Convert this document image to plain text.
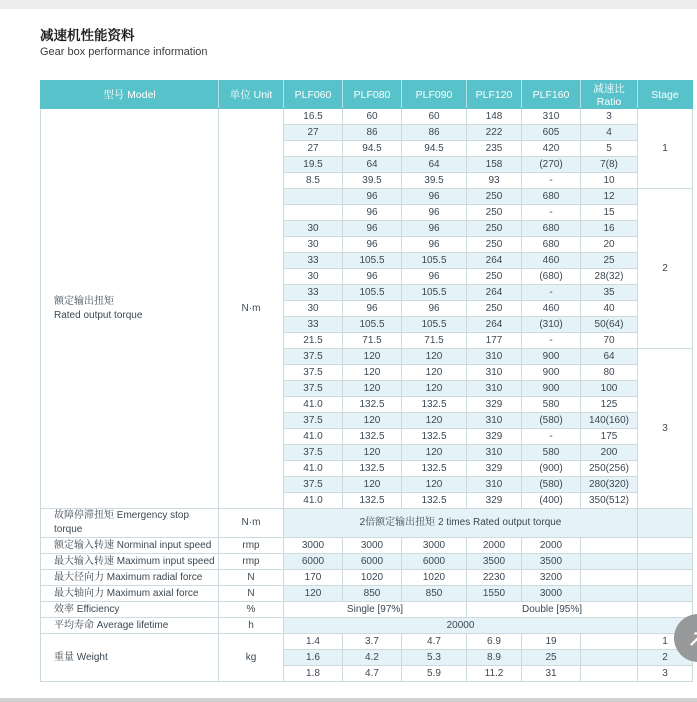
减速机性能资料
Gear box performance information
型号 Model	单位 Unit	PLF060	PLF080	PLF090	PLF120	PLF160	减速比 Ratio	Stage

额定输出扭矩
Rated output torque	N·m	16.5	60	60	148	310	3	1
		27	86	86	222	605	4	
		27	94.5	94.5	235	420	5	
		19.5	64	64	158	(270)	7(8)	
		8.5	39.5	39.5	93	-	10	
			96	96	250	680	12	2
			96	96	250	-	15	
		30	96	96	250	680	16	
		30	96	96	250	680	20	
		33	105.5	105.5	264	460	25	
		30	96	96	250	(680)	28(32)	
		33	105.5	105.5	264	-	35	
		30	96	96	250	460	40	
		33	105.5	105.5	264	(310)	50(64)	
		21.5	71.5	71.5	177	-	70	
		37.5	120	120	310	900	64	3
		37.5	120	120	310	900	80	
		37.5	120	120	310	900	100	
		41.0	132.5	132.5	329	580	125	
		37.5	120	120	310	(580)	140(160)	
		41.0	132.5	132.5	329	-	175	
		37.5	120	120	310	580	200	
		41.0	132.5	132.5	329	(900)	250(256)	
		37.5	120	120	310	(580)	280(320)	
		41.0	132.5	132.5	329	(400)	350(512)	
故障停滞扭矩 Emergency stop torque	N·m	2倍额定输出扭矩 2 times Rated output torque						
额定输入转速 Norminal input speed	rmp	3000	3000	3000	2000	2000		
最大输入转速 Maximum input speed	rmp	6000	6000	6000	3500	3500		
最大径向力 Maximum radial force	N	170	1020	1020	2230	3200		
最大轴向力 Maximum axial force	N	120	850	850	1550	3000		
效率 Efficiency	%	Single [97%]			Double [95%]			
平均寿命 Average lifetime	h	20000						
重量 Weight	kg	1.4	3.7	4.7	6.9	19		1
		1.6	4.2	5.3	8.9	25		2
		1.8	4.7	5.9	11.2	31		3
